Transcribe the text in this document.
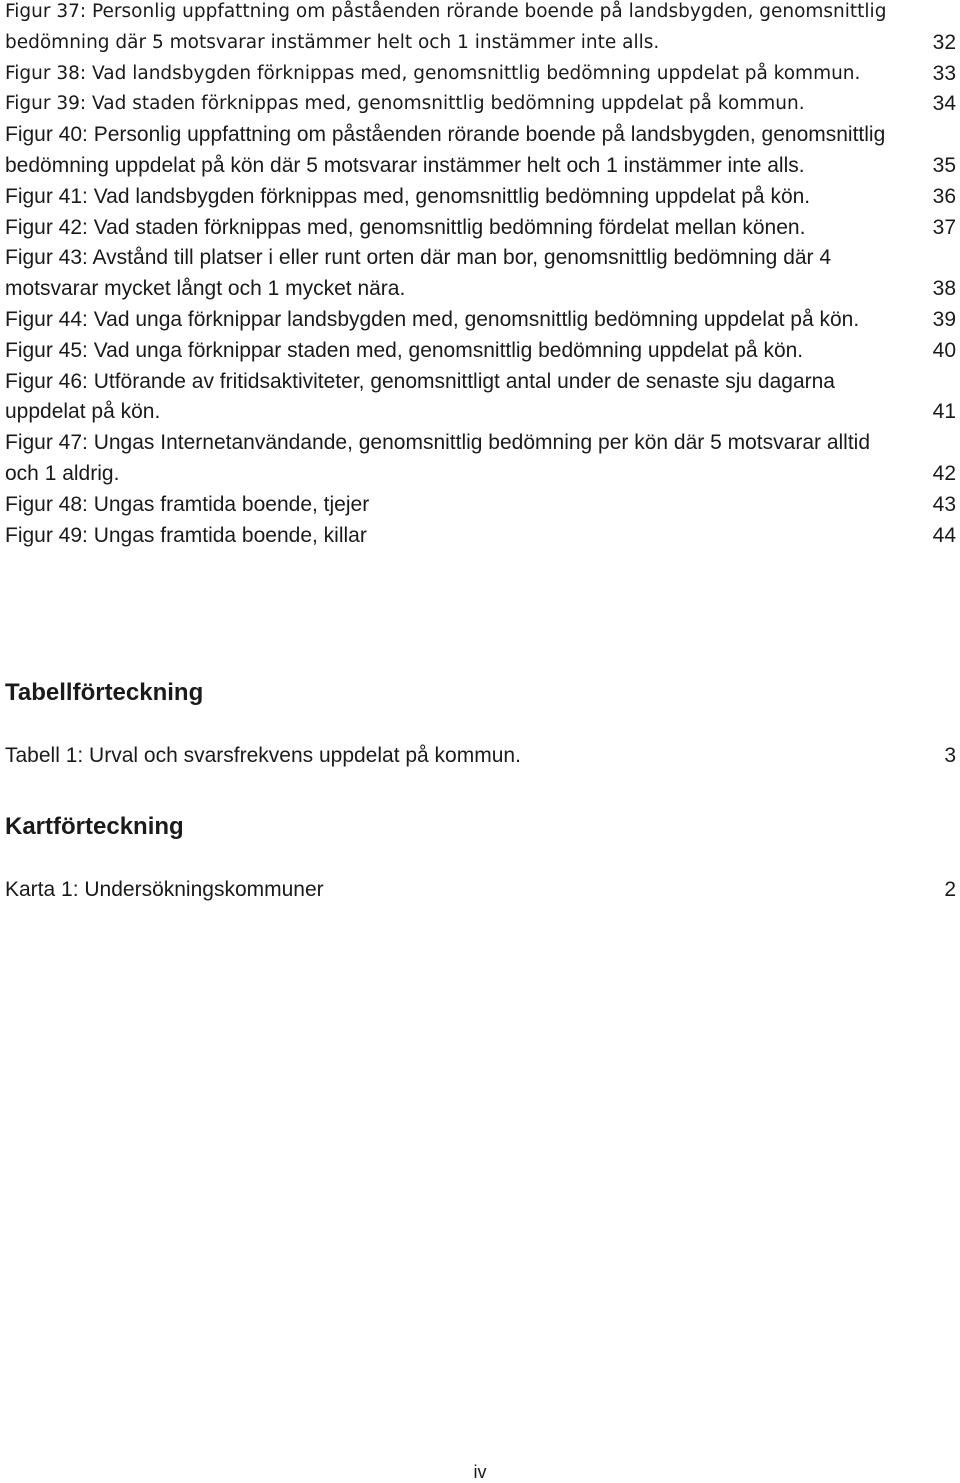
Figur 37: Personlig uppfattning om påståenden rörande boende på landsbygden, genomsnittlig bedömning där 5 motsvarar instämmer helt och 1 instämmer inte alls.	32
Figur 38: Vad landsbygden förknippas med, genomsnittlig bedömning uppdelat på kommun.	33
Figur 39: Vad staden förknippas med, genomsnittlig bedömning uppdelat på kommun.	34
Figur 40: Personlig uppfattning om påståenden rörande boende på landsbygden, genomsnittlig bedömning uppdelat på kön där 5 motsvarar instämmer helt och 1 instämmer inte alls.	35
Figur 41: Vad landsbygden förknippas med, genomsnittlig bedömning uppdelat på kön.	36
Figur 42: Vad staden förknippas med, genomsnittlig bedömning fördelat mellan könen.	37
Figur 43: Avstånd till platser i eller runt orten där man bor, genomsnittlig bedömning där 4 motsvarar mycket långt och 1 mycket nära.	38
Figur 44: Vad unga förknippar landsbygden med, genomsnittlig bedömning uppdelat på kön.	39
Figur 45: Vad unga förknippar staden med, genomsnittlig bedömning uppdelat på kön.	40
Figur 46: Utförande av fritidsaktiviteter, genomsnittligt antal under de senaste sju dagarna uppdelat på kön.	41
Figur 47: Ungas Internetanvändande, genomsnittlig bedömning per kön där 5 motsvarar alltid och 1 aldrig.	42
Figur 48: Ungas framtida boende, tjejer	43
Figur 49: Ungas framtida boende, killar	44
Tabellförteckning
Tabell 1: Urval och svarsfrekvens uppdelat på kommun.	3
Kartförteckning
Karta 1: Undersökningskommuner	2
iv
